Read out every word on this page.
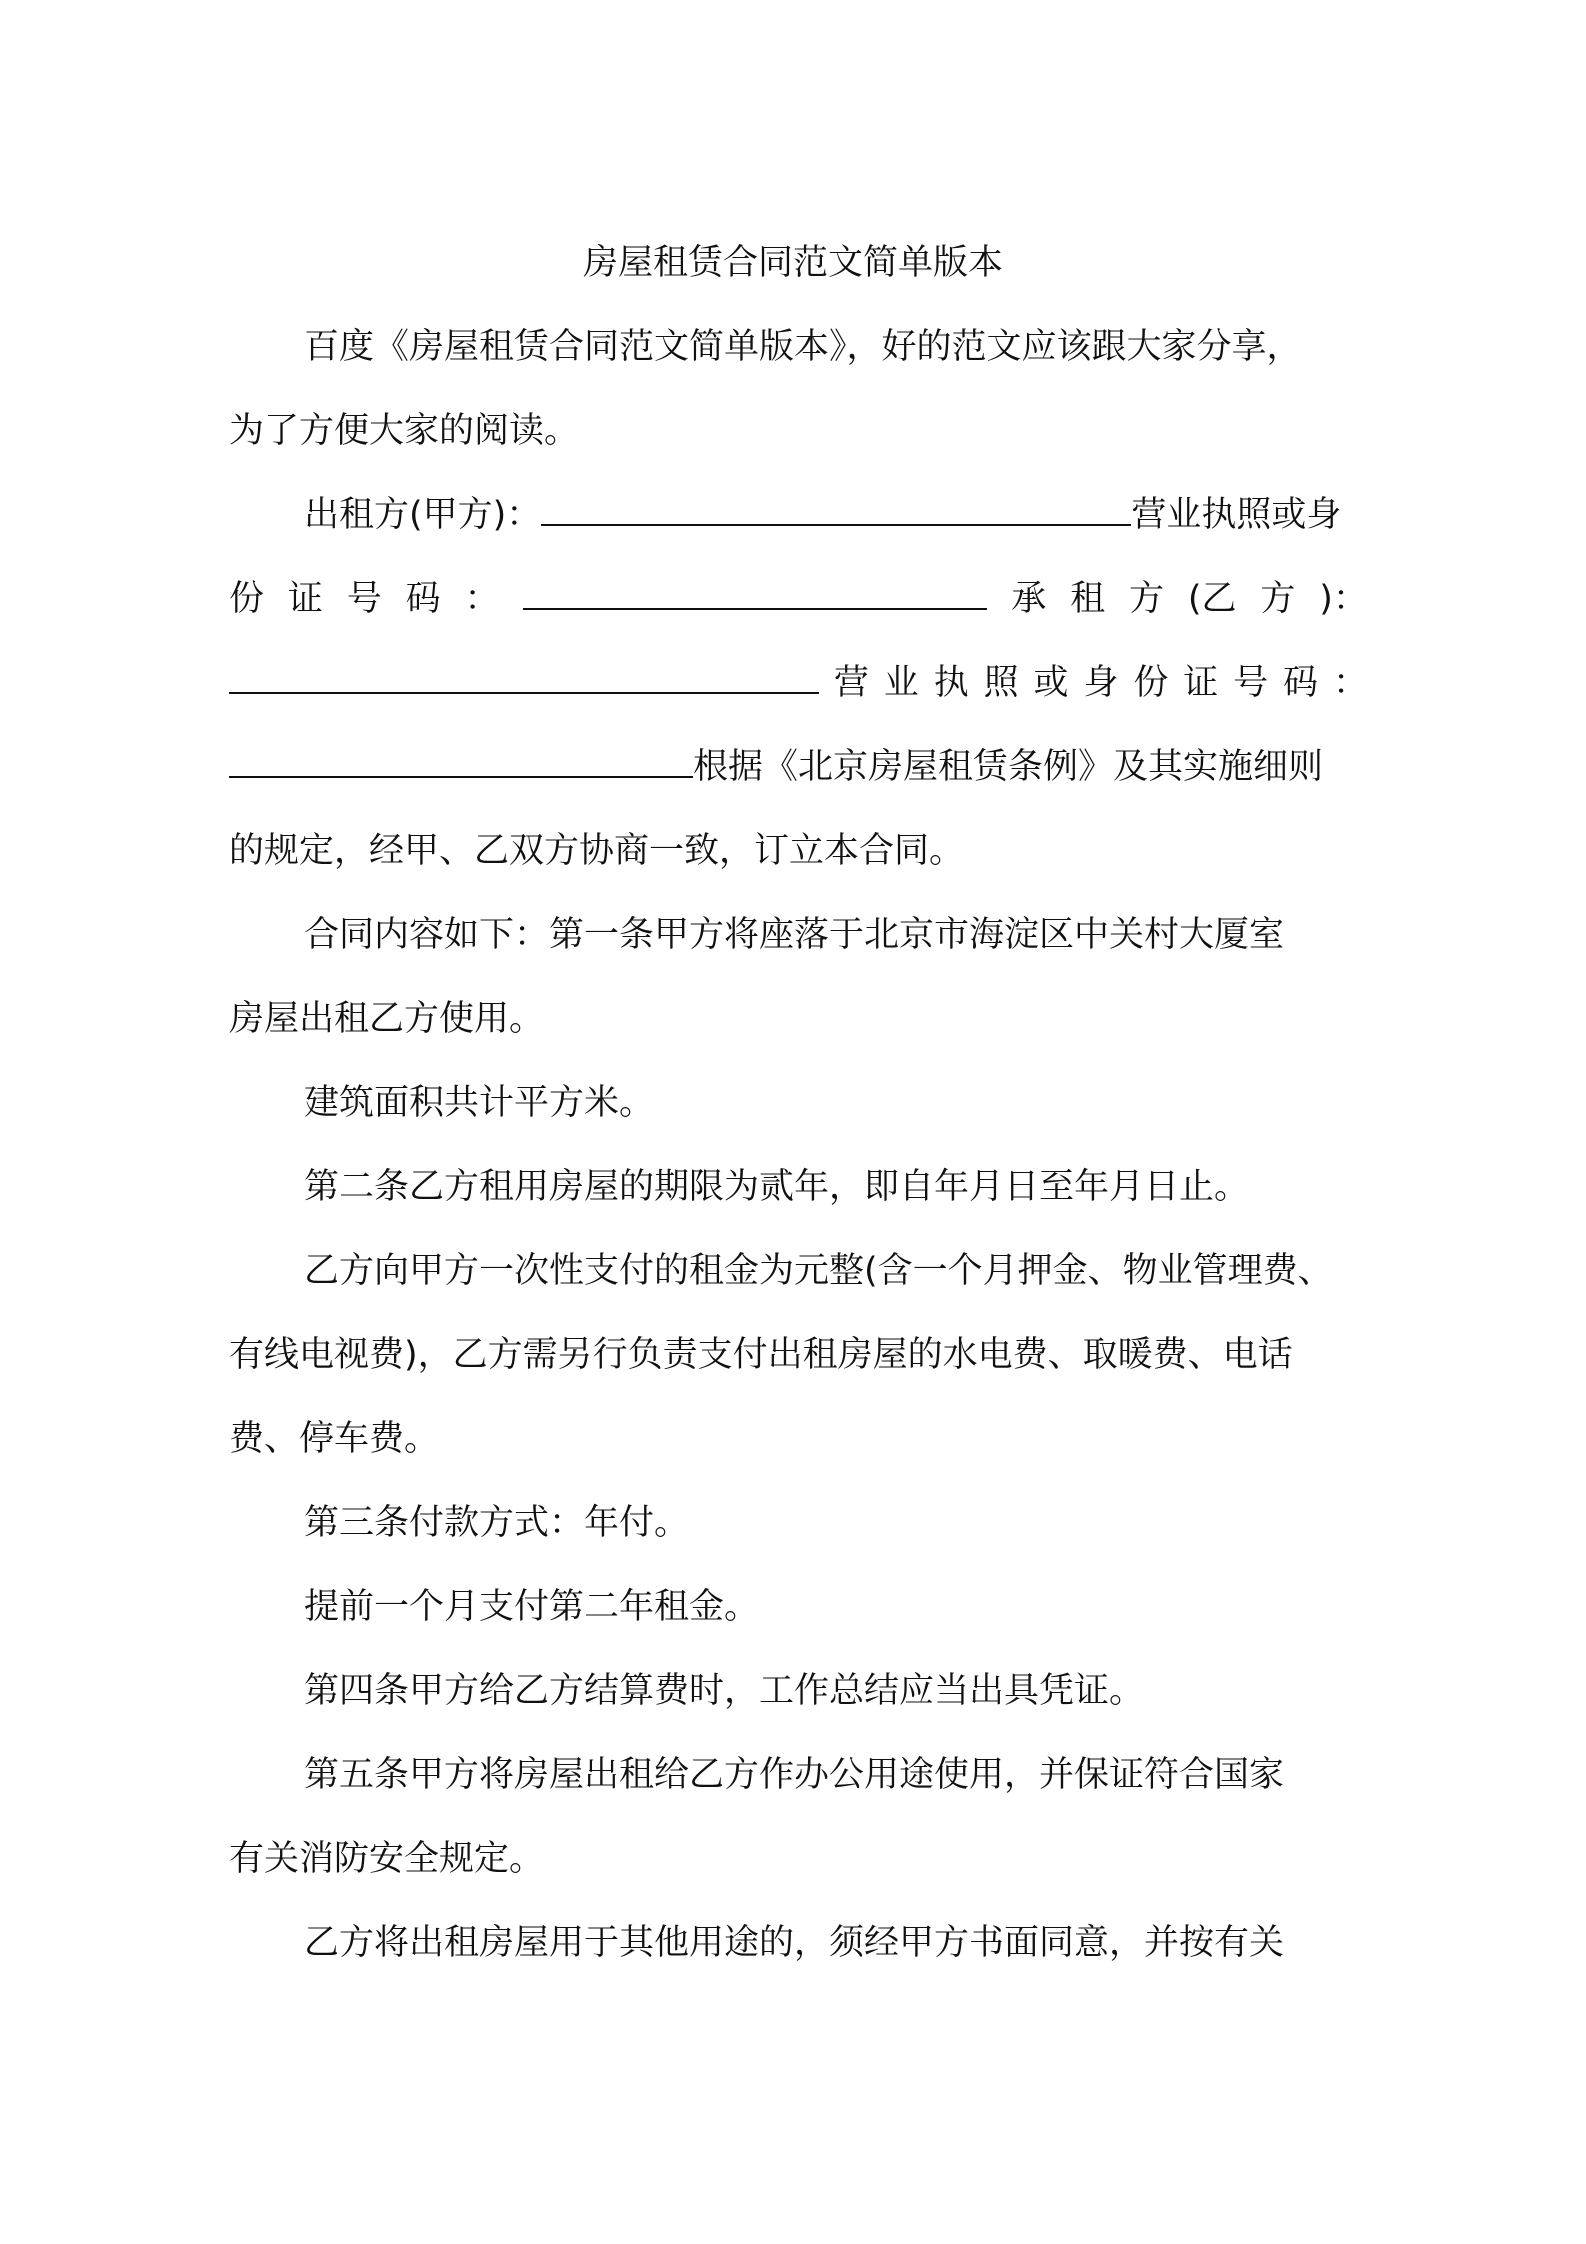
房屋租赁合同范文简单版本
百度《房屋租赁合同范文简单版本》，好的范文应该跟大家分享，
为了方便大家的阅读。
出租方(甲方)：	营业执照或身
份 证 号 码 ：	承 租 方 (乙 方 )：
营 业 执 照 或 身 份 证 号 码 ：
根据《北京房屋租赁条例》及其实施细则
的规定，经甲、乙双方协商一致，订立本合同。
合同内容如下：第一条甲方将座落于北京市海淀区中关村大厦室
房屋出租乙方使用。
建筑面积共计平方米。
第二条乙方租用房屋的期限为贰年，即自年月日至年月日止。
乙方向甲方一次性支付的租金为元整(含一个月押金、物业管理费、
有线电视费)，乙方需另行负责支付出租房屋的水电费、取暖费、电话
费、停车费。
第三条付款方式：年付。
提前一个月支付第二年租金。
第四条甲方给乙方结算费时，工作总结应当出具凭证。
第五条甲方将房屋出租给乙方作办公用途使用，并保证符合国家
有关消防安全规定。
乙方将出租房屋用于其他用途的，须经甲方书面同意，并按有关
